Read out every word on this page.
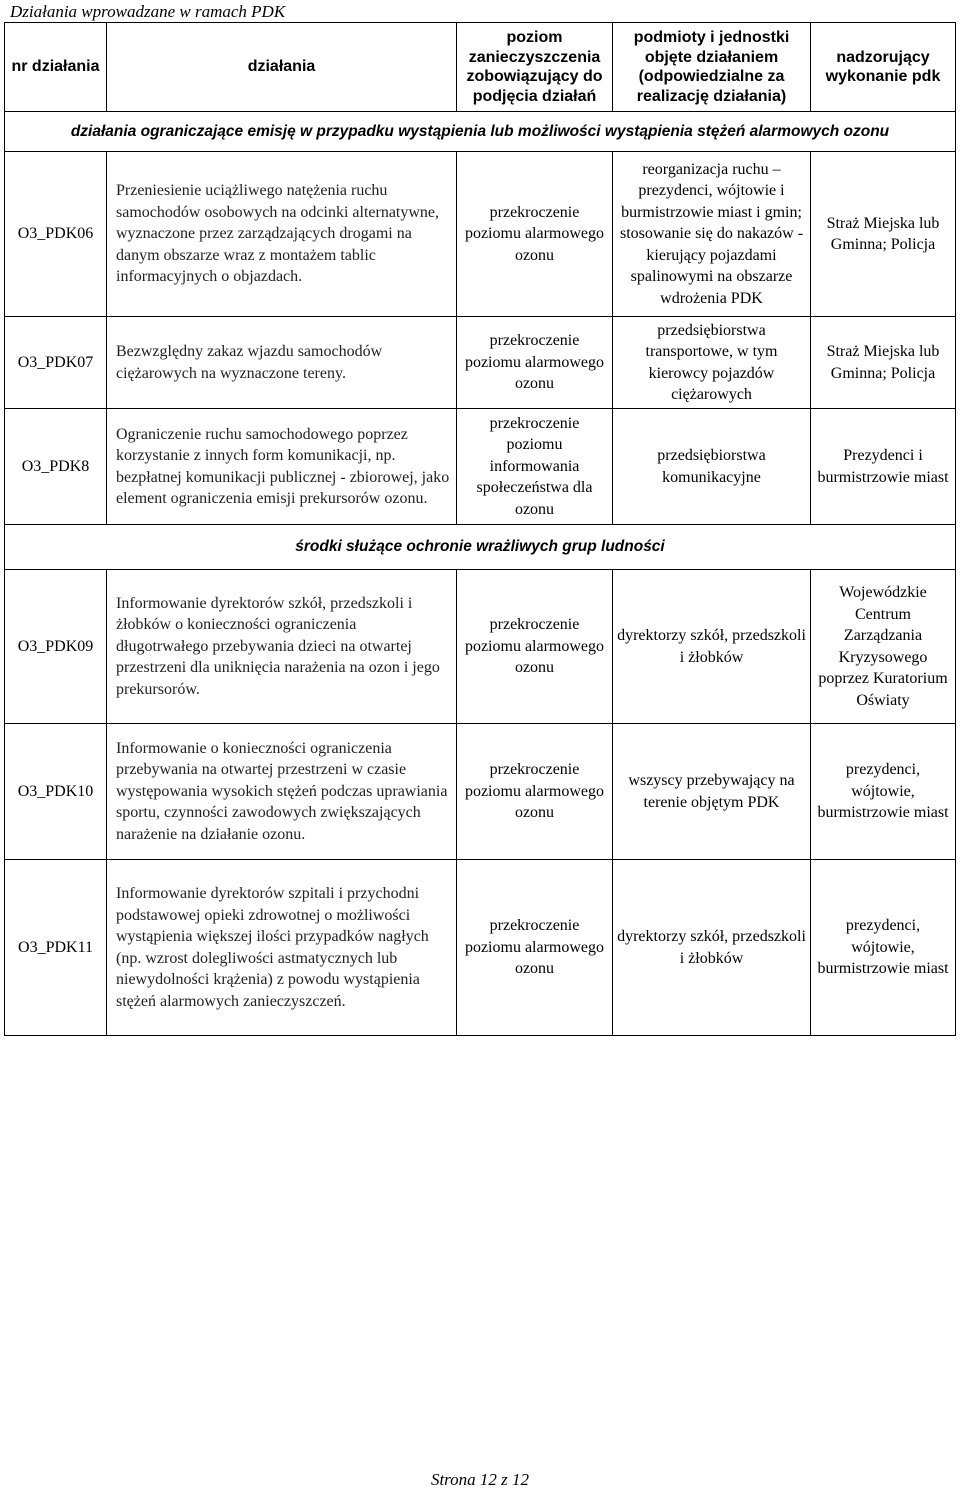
Działania wprowadzane w ramach PDK
nr działania	działania	poziom zanieczyszczenia zobowiązujący do podjęcia działań	podmioty i jednostki objęte działaniem (odpowiedzialne za realizację działania)	nadzorujący wykonanie pdk
działania ograniczające emisję w przypadku wystąpienia lub możliwości wystąpienia stężeń alarmowych ozonu				
O3_PDK06	Przeniesienie uciążliwego natężenia ruchu samochodów osobowych na odcinki alternatywne, wyznaczone przez zarządzających drogami na danym obszarze wraz z montażem tablic informacyjnych o objazdach.	przekroczenie poziomu alarmowego ozonu	reorganizacja ruchu – prezydenci, wójtowie i burmistrzowie miast i gmin; stosowanie się do nakazów - kierujący pojazdami spalinowymi na obszarze wdrożenia PDK	Straż Miejska lub Gminna; Policja
O3_PDK07	Bezwzględny zakaz wjazdu samochodów ciężarowych na wyznaczone tereny.	przekroczenie poziomu alarmowego ozonu	przedsiębiorstwa transportowe, w tym kierowcy pojazdów ciężarowych	Straż Miejska lub Gminna; Policja
O3_PDK8	Ograniczenie ruchu samochodowego poprzez korzystanie z innych form komunikacji, np. bezpłatnej komunikacji publicznej - zbiorowej, jako element ograniczenia emisji prekursorów ozonu.	przekroczenie poziomu informowania społeczeństwa dla ozonu	przedsiębiorstwa komunikacyjne	Prezydenci i burmistrzowie miast
środki służące ochronie wrażliwych grup ludności				
O3_PDK09	Informowanie dyrektorów szkół, przedszkoli i żłobków o konieczności ograniczenia długotrwałego przebywania dzieci na otwartej przestrzeni dla uniknięcia narażenia na ozon i jego prekursorów.	przekroczenie poziomu alarmowego ozonu	dyrektorzy szkół, przedszkoli i żłobków	Wojewódzkie Centrum Zarządzania Kryzysowego poprzez Kuratorium Oświaty
O3_PDK10	Informowanie o konieczności ograniczenia przebywania na otwartej przestrzeni w czasie występowania wysokich stężeń podczas uprawiania sportu, czynności zawodowych zwiększających narażenie na działanie ozonu.	przekroczenie poziomu alarmowego ozonu	wszyscy przebywający na terenie objętym PDK	prezydenci, wójtowie, burmistrzowie miast
O3_PDK11	Informowanie dyrektorów szpitali i przychodni podstawowej opieki zdrowotnej o możliwości wystąpienia większej ilości przypadków nagłych (np. wzrost dolegliwości astmatycznych lub niewydolności krążenia) z powodu wystąpienia stężeń alarmowych zanieczyszczeń.	przekroczenie poziomu alarmowego ozonu	dyrektorzy szkół, przedszkoli i żłobków	prezydenci, wójtowie, burmistrzowie miast
Strona 12 z 12
